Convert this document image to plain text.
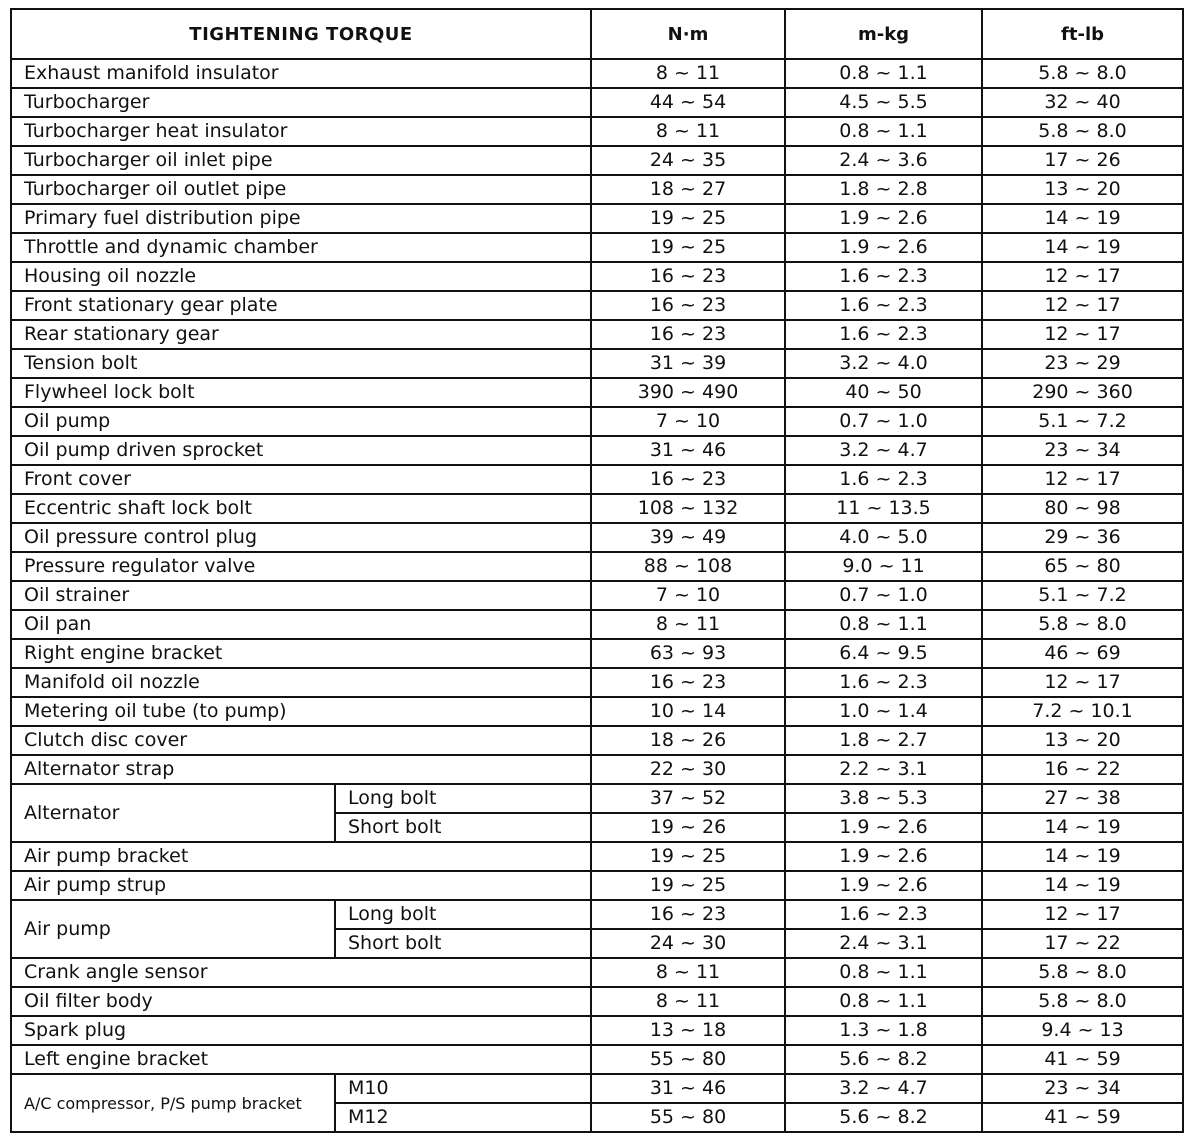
TIGHTENING TORQUE		N·m	m-kg	ft-lb
Exhaust manifold insulator		8 ~ 11	0.8 ~ 1.1	5.8 ~ 8.0
Turbocharger		44 ~ 54	4.5 ~ 5.5	32 ~ 40
Turbocharger heat insulator		8 ~ 11	0.8 ~ 1.1	5.8 ~ 8.0
Turbocharger oil inlet pipe		24 ~ 35	2.4 ~ 3.6	17 ~ 26
Turbocharger oil outlet pipe		18 ~ 27	1.8 ~ 2.8	13 ~ 20
Primary fuel distribution pipe		19 ~ 25	1.9 ~ 2.6	14 ~ 19
Throttle and dynamic chamber		19 ~ 25	1.9 ~ 2.6	14 ~ 19
Housing oil nozzle		16 ~ 23	1.6 ~ 2.3	12 ~ 17
Front stationary gear plate		16 ~ 23	1.6 ~ 2.3	12 ~ 17
Rear stationary gear		16 ~ 23	1.6 ~ 2.3	12 ~ 17
Tension bolt		31 ~ 39	3.2 ~ 4.0	23 ~ 29
Flywheel lock bolt		390 ~ 490	40 ~ 50	290 ~ 360
Oil pump		7 ~ 10	0.7 ~ 1.0	5.1 ~ 7.2
Oil pump driven sprocket		31 ~ 46	3.2 ~ 4.7	23 ~ 34
Front cover		16 ~ 23	1.6 ~ 2.3	12 ~ 17
Eccentric shaft lock bolt		108 ~ 132	11 ~ 13.5	80 ~ 98
Oil pressure control plug		39 ~ 49	4.0 ~ 5.0	29 ~ 36
Pressure regulator valve		88 ~ 108	9.0 ~ 11	65 ~ 80
Oil strainer		7 ~ 10	0.7 ~ 1.0	5.1 ~ 7.2
Oil pan		8 ~ 11	0.8 ~ 1.1	5.8 ~ 8.0
Right engine bracket		63 ~ 93	6.4 ~ 9.5	46 ~ 69
Manifold oil nozzle		16 ~ 23	1.6 ~ 2.3	12 ~ 17
Metering oil tube (to pump)		10 ~ 14	1.0 ~ 1.4	7.2 ~ 10.1
Clutch disc cover		18 ~ 26	1.8 ~ 2.7	13 ~ 20
Alternator strap		22 ~ 30	2.2 ~ 3.1	16 ~ 22
Alternator	Long bolt	37 ~ 52	3.8 ~ 5.3	27 ~ 38
	Short bolt	19 ~ 26	1.9 ~ 2.6	14 ~ 19
Air pump bracket		19 ~ 25	1.9 ~ 2.6	14 ~ 19
Air pump strup		19 ~ 25	1.9 ~ 2.6	14 ~ 19
Air pump	Long bolt	16 ~ 23	1.6 ~ 2.3	12 ~ 17
	Short bolt	24 ~ 30	2.4 ~ 3.1	17 ~ 22
Crank angle sensor		8 ~ 11	0.8 ~ 1.1	5.8 ~ 8.0
Oil filter body		8 ~ 11	0.8 ~ 1.1	5.8 ~ 8.0
Spark plug		13 ~ 18	1.3 ~ 1.8	9.4 ~ 13
Left engine bracket		55 ~ 80	5.6 ~ 8.2	41 ~ 59
A/C compressor, P/S pump bracket	M10	31 ~ 46	3.2 ~ 4.7	23 ~ 34
	M12	55 ~ 80	5.6 ~ 8.2	41 ~ 59
